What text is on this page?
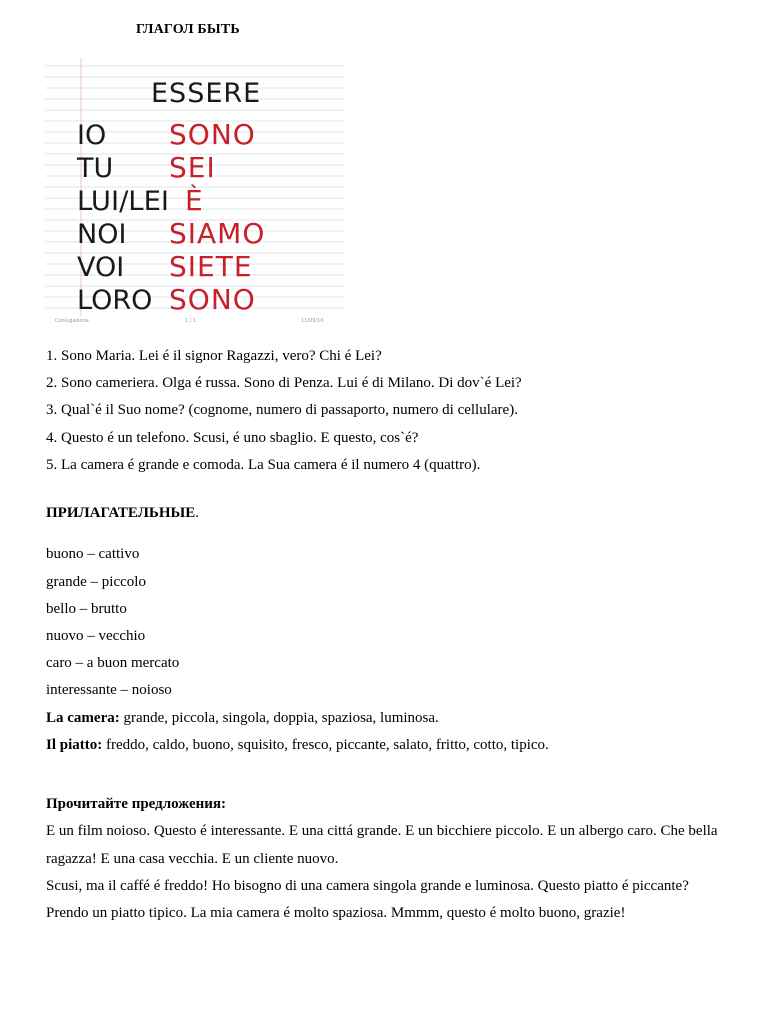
ГЛАГОЛ БЫТЬ
ESSERE
IO SONO
TU SEI
LUI/LEI È
NOI SIAMO
VOI SIETE
LORO SONO
Coniugazione	1 / 1	11/09/10
1. Sono Maria. Lei é il signor Ragazzi, vero? Chi é Lei?
2. Sono cameriera. Olga é russa. Sono di Penza. Lui é di Milano. Di dov`é Lei?
3. Qual`é il Suo nome? (cognome, numero di passaporto, numero di cellulare).
4. Questo é un telefono. Scusi, é uno sbaglio. E questo, cos`é?
5. La camera é grande e comoda. La Sua camera é il numero 4 (quattro).
ПРИЛАГАТЕЛЬНЫЕ.
buono – cattivo
grande – piccolo
bello – brutto
nuovo – vecchio
caro – a buon mercato
interessante – noioso
La camera: grande, piccola, singola, doppia, spaziosa, luminosa.
Il piatto: freddo, caldo, buono, squisito, fresco, piccante, salato, fritto, cotto, tipico.
Прочитайте предложения:
E un film noioso. Questo é interessante. E una cittá grande. E un bicchiere piccolo. E un albergo caro. Che bella ragazza! E una casa vecchia. E un cliente nuovo.
Scusi, ma il caffé é freddo! Ho bisogno di una camera singola grande e luminosa. Questo piatto é piccante? Prendo un piatto tipico. La mia camera é molto spaziosa. Mmmm, questo é molto buono, grazie!
